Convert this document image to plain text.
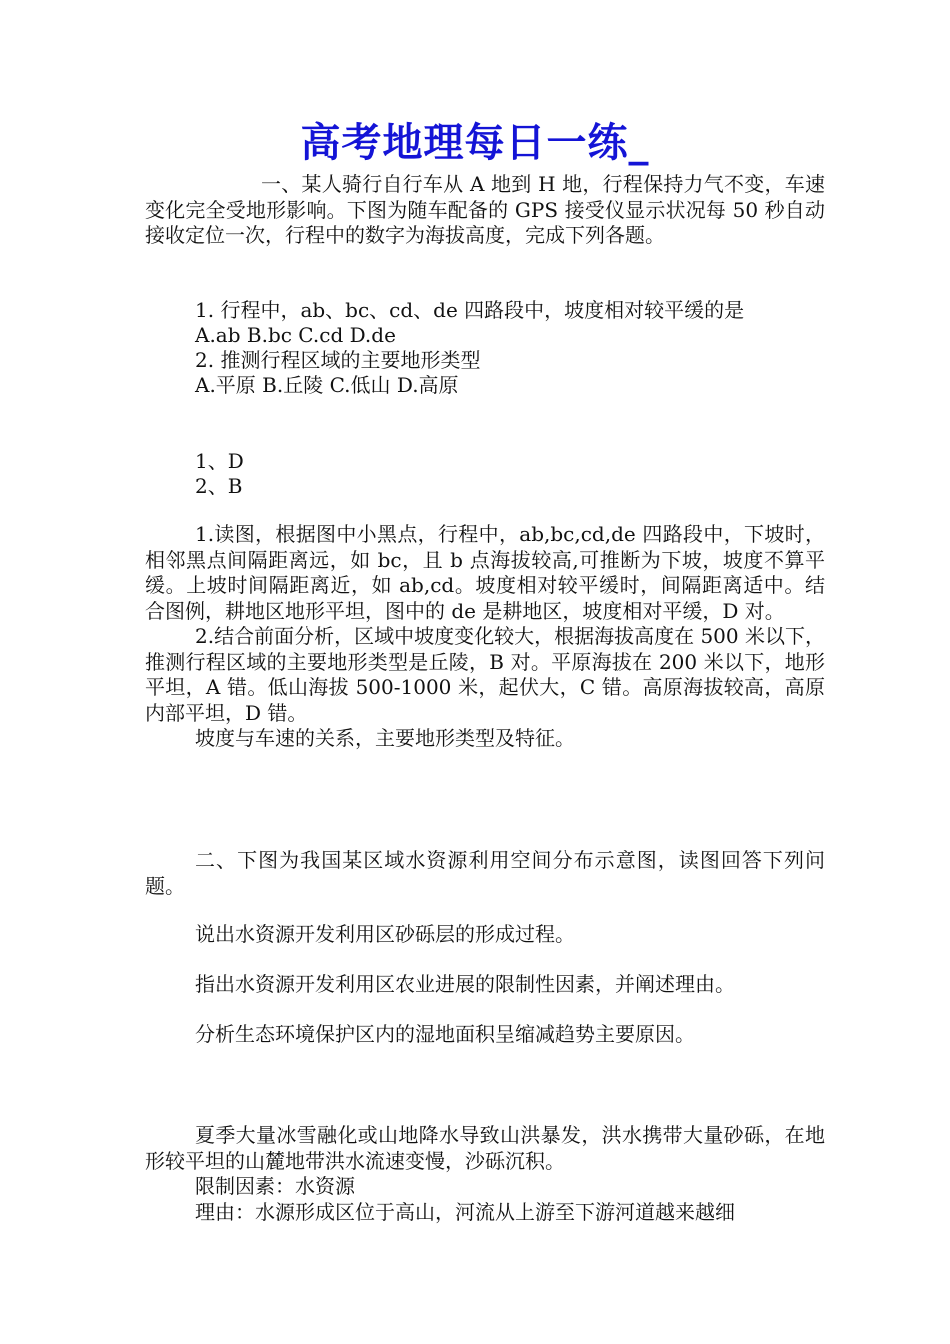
高考地理每日一练_

一、某人骑行自行车从 A 地到 H 地，行程保持力气不变，车速变化完全受地形影响。下图为随车配备的 GPS 接受仪显示状况每 50 秒自动接收定位一次，行程中的数字为海拔高度，完成下列各题。

1. 行程中，ab、bc、cd、de 四路段中，坡度相对较平缓的是
A.ab B.bc C.cd D.de
2. 推测行程区域的主要地形类型
A.平原 B.丘陵 C.低山 D.高原
1、D
2、B

1.读图，根据图中小黑点，行程中，ab,bc,cd,de 四路段中，下坡时，相邻黑点间隔距离远，如 bc，且 b 点海拔较高,可推断为下坡，坡度不算平缓。上坡时间隔距离近，如 ab,cd。坡度相对较平缓时，间隔距离适中。结合图例，耕地区地形平坦，图中的 de 是耕地区，坡度相对平缓，D 对。

2.结合前面分析，区域中坡度变化较大，根据海拔高度在 500 米以下，推测行程区域的主要地形类型是丘陵，B 对。平原海拔在 200 米以下，地形平坦，A 错。低山海拔 500-1000 米，起伏大，C 错。高原海拔较高，高原内部平坦，D 错。

坡度与车速的关系，主要地形类型及特征。

二、下图为我国某区域水资源利用空间分布示意图，读图回答下列问题。

说出水资源开发利用区砂砾层的形成过程。
指出水资源开发利用区农业进展的限制性因素，并阐述理由。
分析生态环境保护区内的湿地面积呈缩减趋势主要原因。

夏季大量冰雪融化或山地降水导致山洪暴发，洪水携带大量砂砾，在地形较平坦的山麓地带洪水流速变慢，沙砾沉积。

限制因素：水资源

理由：水源形成区位于高山，河流从上游至下游河道越来越细
